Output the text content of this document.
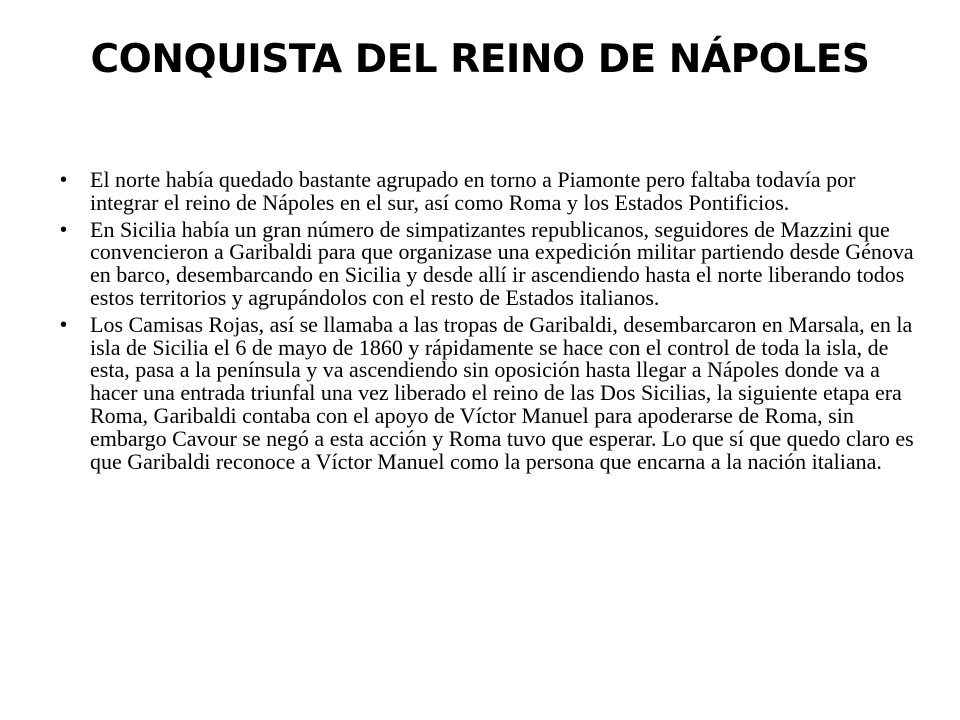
CONQUISTA DEL REINO DE NÁPOLES
• El norte había quedado bastante agrupado en torno a Piamonte pero faltaba todavía por integrar el reino de Nápoles en el sur, así como Roma y los Estados Pontificios.
• En Sicilia había un gran número de simpatizantes republicanos, seguidores de Mazzini que convencieron a Garibaldi para que organizase una expedición militar partiendo desde Génova en barco, desembarcando en Sicilia y desde allí ir ascendiendo hasta el norte liberando todos estos territorios y agrupándolos con el resto de Estados italianos.
• Los Camisas Rojas, así se llamaba a las tropas de Garibaldi, desembarcaron en Marsala, en la isla de Sicilia el 6 de mayo de 1860 y rápidamente se hace con el control de toda la isla, de esta, pasa a la península y va ascendiendo sin oposición hasta llegar a Nápoles donde va a hacer una entrada triunfal una vez liberado el reino de las Dos Sicilias, la siguiente etapa era Roma, Garibaldi contaba con el apoyo de Víctor Manuel para apoderarse de Roma, sin embargo Cavour se negó a esta acción y Roma tuvo que esperar. Lo que sí que quedo claro es que Garibaldi reconoce a Víctor Manuel como la persona que encarna a la nación italiana.
